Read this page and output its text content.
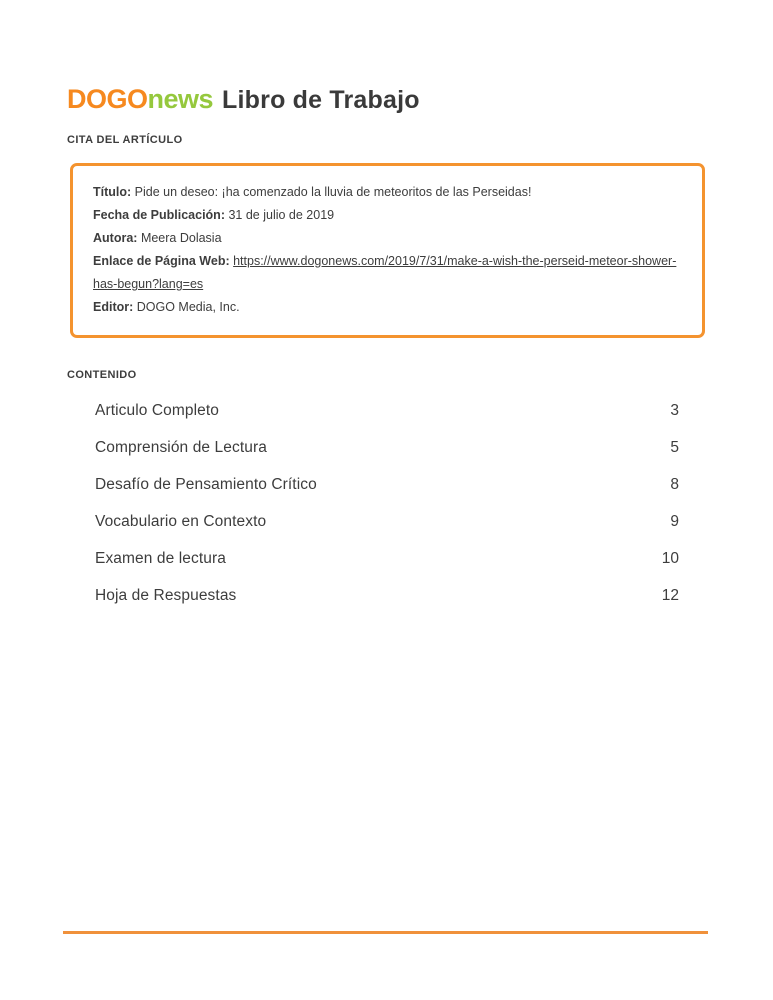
DOGOnews Libro de Trabajo
CITA DEL ARTÍCULO
Título: Pide un deseo: ¡ha comenzado la lluvia de meteoritos de las Perseidas!
Fecha de Publicación: 31 de julio de 2019
Autora: Meera Dolasia
Enlace de Página Web: https://www.dogonews.com/2019/7/31/make-a-wish-the-perseid-meteor-shower-has-begun?lang=es
Editor: DOGO Media, Inc.
CONTENIDO
Articulo Completo	3
Comprensión de Lectura	5
Desafío de Pensamiento Crítico	8
Vocabulario en Contexto	9
Examen de lectura	10
Hoja de Respuestas	12
